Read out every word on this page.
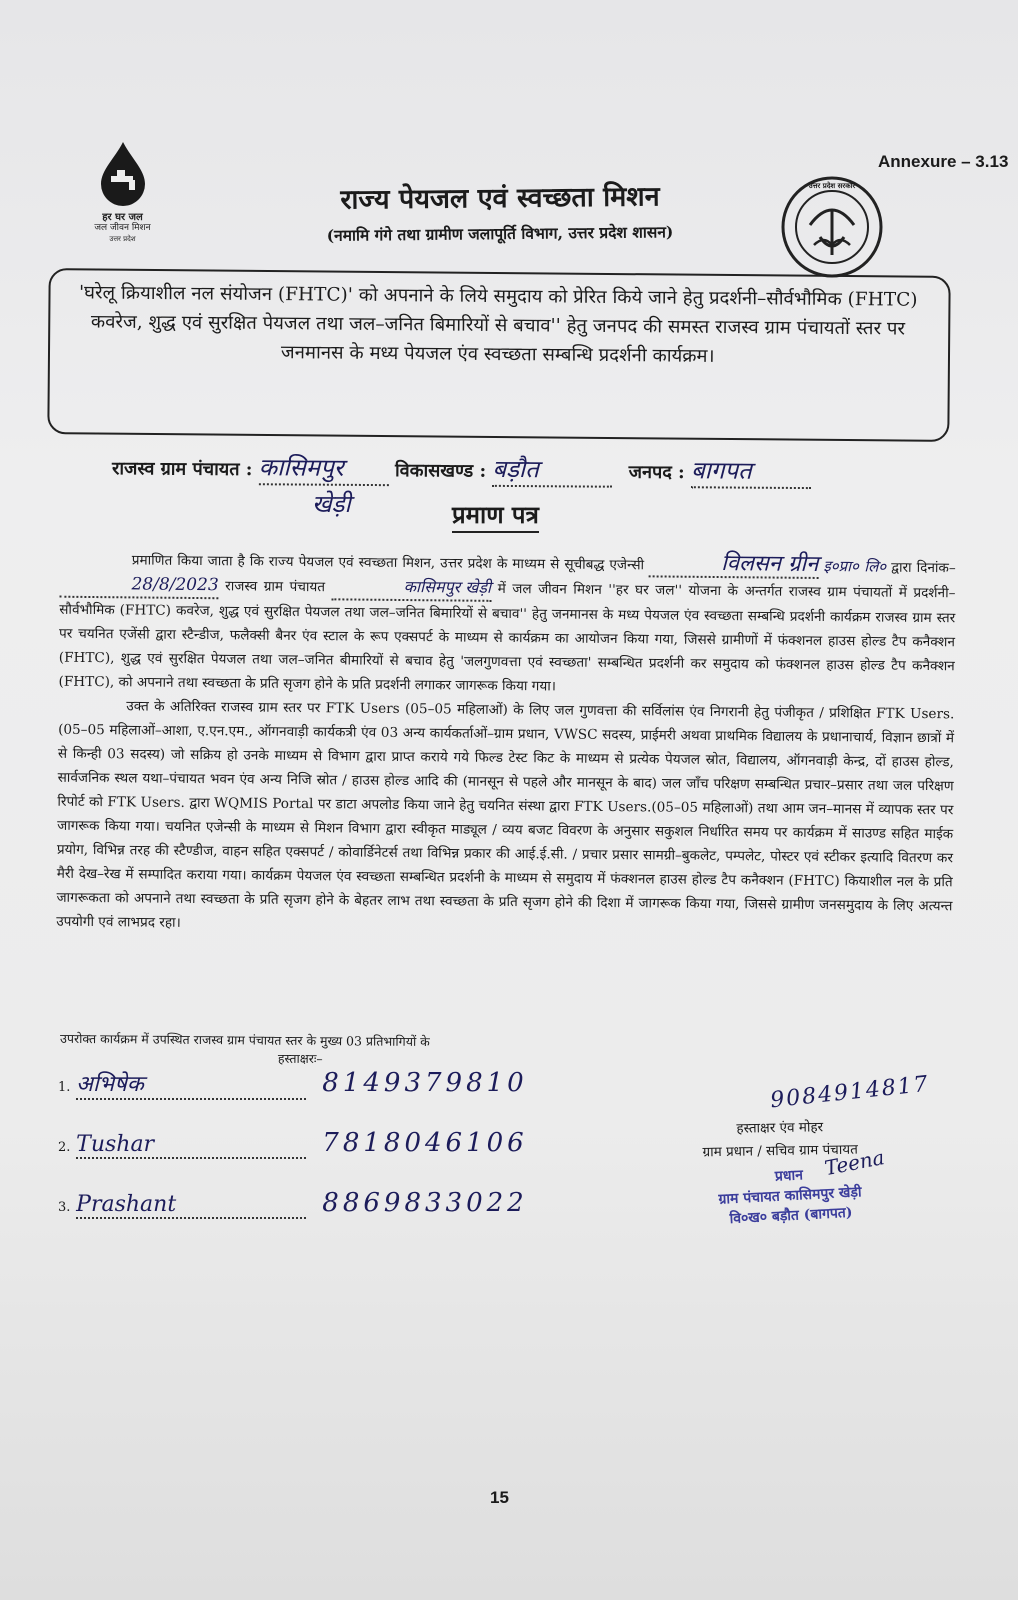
Annexure – 3.13
हर घर जल
जल जीवन मिशन
उत्तर प्रदेश
उत्तर प्रदेश सरकार
राज्य पेयजल एवं स्वच्छता मिशन
(नमामि गंगे तथा ग्रामीण जलापूर्ति विभाग, उत्तर प्रदेश शासन)
'घरेलू क्रियाशील नल संयोजन (FHTC)' को अपनाने के लिये समुदाय को प्रेरित किये जाने हेतु प्रदर्शनी–सौर्वभौमिक (FHTC) कवरेज, शुद्ध एवं सुरक्षित पेयजल तथा जल–जनित बिमारियों से बचाव'' हेतु जनपद की समस्त राजस्व ग्राम पंचायतों स्तर पर जनमानस के मध्य पेयजल एंव स्वच्छता सम्बन्धि प्रदर्शनी कार्यक्रम।
राजस्व ग्राम पंचायत : कासिमपुर	विकासखण्ड : बड़ौत	जनपद : बागपत
खेड़ी	प्रमाण पत्र

प्रमाणित किया जाता है कि राज्य पेयजल एवं स्वच्छता मिशन, उत्तर प्रदेश के माध्यम से सूचीबद्ध एजेन्सी	विलसन ग्रीन इ०प्रा० लि० द्वारा दिनांक– 28/8/2023 राजस्व ग्राम पंचायत	कासिमपुर खेड़ी में जल जीवन मिशन ''हर घर जल'' योजना के अन्तर्गत राजस्व ग्राम पंचायतों में प्रदर्शनी–सौर्वभौमिक (FHTC) कवरेज, शुद्ध एवं सुरक्षित पेयजल तथा जल–जनित बिमारियों से बचाव'' हेतु जनमानस के मध्य पेयजल एंव स्वच्छता सम्बन्धि प्रदर्शनी कार्यक्रम राजस्व ग्राम स्तर पर चयनित एजेंसी द्वारा स्टैन्डीज, फलैक्सी बैनर एंव स्टाल के रूप एक्सपर्ट के माध्यम से कार्यक्रम का आयोजन किया गया, जिससे ग्रामीणों में फंक्शनल हाउस होल्ड टैप कनैक्शन (FHTC), शुद्ध एवं सुरक्षित पेयजल तथा जल–जनित बीमारियों से बचाव हेतु 'जलगुणवत्ता एवं स्वच्छता' सम्बन्धित प्रदर्शनी कर समुदाय को फंक्शनल हाउस होल्ड टैप कनैक्शन (FHTC), को अपनाने तथा स्वच्छता के प्रति सृजग होने के प्रति प्रदर्शनी लगाकर जागरूक किया गया।

उक्त के अतिरिक्त राजस्व ग्राम स्तर पर FTK Users (05–05 महिलाओं) के लिए जल गुणवत्ता की सर्विलांस एंव निगरानी हेतु पंजीकृत / प्रशिक्षित FTK Users.(05–05 महिलाओं–आशा, ए.एन.एम., ऑगनवाड़ी कार्यकत्री एंव 03 अन्य कार्यकर्ताओं–ग्राम प्रधान, VWSC सदस्य, प्राईमरी अथवा प्राथमिक विद्यालय के प्रधानाचार्य, विज्ञान छात्रों में से किन्ही 03 सदस्य) जो सक्रिय हो उनके माध्यम से विभाग द्वारा प्राप्त कराये गये फिल्ड टेस्ट किट के माध्यम से प्रत्येक पेयजल स्रोत, विद्यालय, ऑगनवाड़ी केन्द्र, दों हाउस होल्ड, सार्वजनिक स्थल यथा–पंचायत भवन एंव अन्य निजि स्रोत / हाउस होल्ड आदि की (मानसून से पहले और मानसून के बाद) जल जाँच परिक्षण सम्बन्धित प्रचार–प्रसार तथा जल परिक्षण रिपोर्ट को FTK Users. द्वारा WQMIS Portal पर डाटा अपलोड किया जाने हेतु चयनित संस्था द्वारा FTK Users.(05–05 महिलाओं) तथा आम जन–मानस में व्यापक स्तर पर जागरूक किया गया। चयनित एजेन्सी के माध्यम से मिशन विभाग द्वारा स्वीकृत माड्यूल / व्यय बजट विवरण के अनुसार सकुशल निर्धारित समय पर कार्यक्रम में साउण्ड सहित माईक प्रयोग, विभिन्न तरह की स्टैण्डीज, वाहन सहित एक्सपर्ट / कोवार्डिनेटर्स तथा विभिन्न प्रकार की आई.ई.सी. / प्रचार प्रसार सामग्री–बुकलेट, पम्पलेट, पोस्टर एवं स्टीकर इत्यादि वितरण कर मैरी देख–रेख में सम्पादित कराया गया। कार्यक्रम पेयजल एंव स्वच्छता सम्बन्धित प्रदर्शनी के माध्यम से समुदाय में फंक्शनल हाउस होल्ड टैप कनैक्शन (FHTC) कियाशील नल के प्रति जागरूकता को अपनाने तथा स्वच्छता के प्रति सृजग होने के बेहतर लाभ तथा स्वच्छता के प्रति सृजग होने की दिशा में जागरूक किया गया, जिससे ग्रामीण जनसमुदाय के लिए अत्यन्त उपयोगी एवं लाभप्रद रहा।

उपरोक्त कार्यक्रम में उपस्थित राजस्व ग्राम पंचायत स्तर के मुख्य 03 प्रतिभागियों के
हस्ताक्षरः–
1. अभिषेक	8149379810
2. Tushar	7818046106
3. Prashant	8869833022
9084914817
हस्ताक्षर एंव मोहर
ग्राम प्रधान / सचिव ग्राम पंचायत
प्रधान
ग्राम पंचायत कासिमपुर खेड़ी
वि०ख० बड़ौत (बागपत)
Teena
15
